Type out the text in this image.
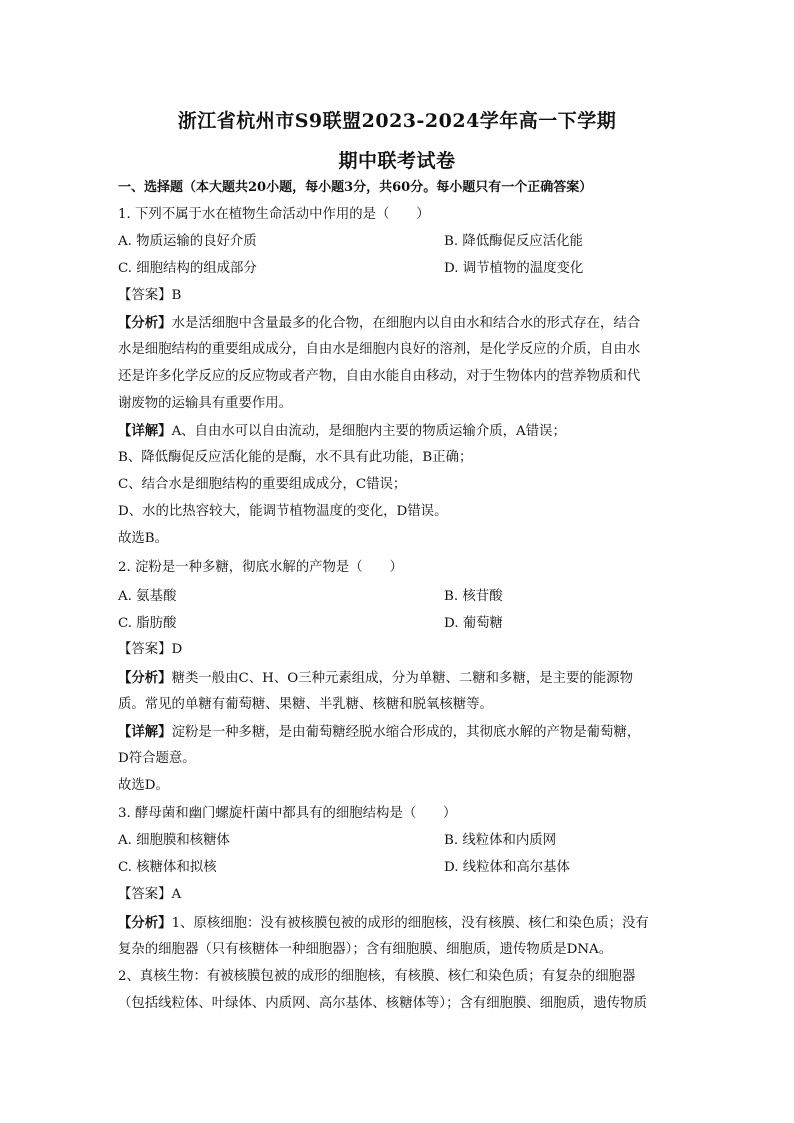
浙江省杭州市S9联盟2023-2024学年高一下学期
期中联考试卷
一、选择题（本大题共20小题，每小题3分，共60分。每小题只有一个正确答案）
1. 下列不属于水在植物生命活动中作用的是（　　）
A. 物质运输的良好介质	B. 降低酶促反应活化能
C. 细胞结构的组成部分	D. 调节植物的温度变化
【答案】B
【分析】水是活细胞中含量最多的化合物，在细胞内以自由水和结合水的形式存在，结合
水是细胞结构的重要组成成分，自由水是细胞内良好的溶剂，是化学反应的介质，自由水
还是许多化学反应的反应物或者产物，自由水能自由移动，对于生物体内的营养物质和代
谢废物的运输具有重要作用。
【详解】A、自由水可以自由流动，是细胞内主要的物质运输介质，A错误；
B、降低酶促反应活化能的是酶，水不具有此功能，B正确；
C、结合水是细胞结构的重要组成成分，C错误；
D、水的比热容较大，能调节植物温度的变化，D错误。
故选B。
2. 淀粉是一种多糖，彻底水解的产物是（　　）
A. 氨基酸	B. 核苷酸
C. 脂肪酸	D. 葡萄糖
【答案】D
【分析】糖类一般由C、H、O三种元素组成，分为单糖、二糖和多糖，是主要的能源物
质。常见的单糖有葡萄糖、果糖、半乳糖、核糖和脱氧核糖等。
【详解】淀粉是一种多糖，是由葡萄糖经脱水缩合形成的，其彻底水解的产物是葡萄糖，
D符合题意。
故选D。
3. 酵母菌和幽门螺旋杆菌中都具有的细胞结构是（　　）
A. 细胞膜和核糖体	B. 线粒体和内质网
C. 核糖体和拟核	D. 线粒体和高尔基体
【答案】A
【分析】1、原核细胞：没有被核膜包被的成形的细胞核，没有核膜、核仁和染色质；没有
复杂的细胞器（只有核糖体一种细胞器）；含有细胞膜、细胞质，遗传物质是DNA。
2、真核生物：有被核膜包被的成形的细胞核，有核膜、核仁和染色质；有复杂的细胞器
（包括线粒体、叶绿体、内质网、高尔基体、核糖体等）；含有细胞膜、细胞质，遗传物质
